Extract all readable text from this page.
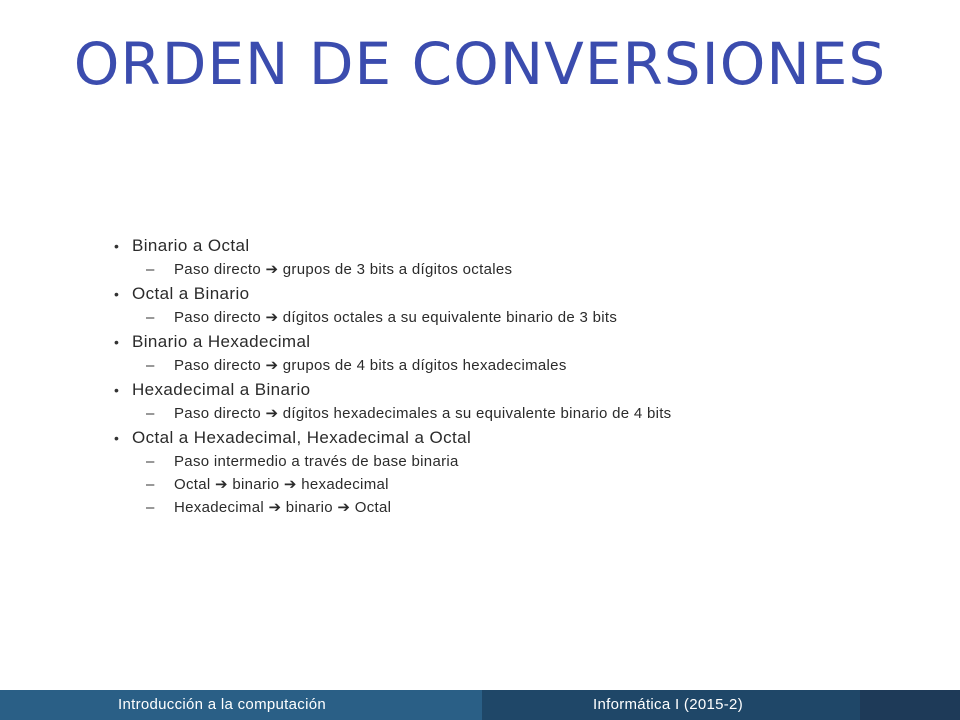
ORDEN DE CONVERSIONES
• Binario a Octal
– Paso directo ➔ grupos de 3 bits a dígitos octales
• Octal a Binario
– Paso directo ➔ dígitos octales a su equivalente binario de 3 bits
• Binario a Hexadecimal
– Paso directo ➔ grupos de 4 bits a dígitos hexadecimales
• Hexadecimal a Binario
– Paso directo ➔ dígitos hexadecimales a su equivalente binario de 4 bits
• Octal a Hexadecimal, Hexadecimal a Octal
– Paso intermedio a través de base binaria
– Octal ➔ binario ➔ hexadecimal
– Hexadecimal ➔ binario ➔ Octal
Introducción a la computación	Informática I (2015-2)
